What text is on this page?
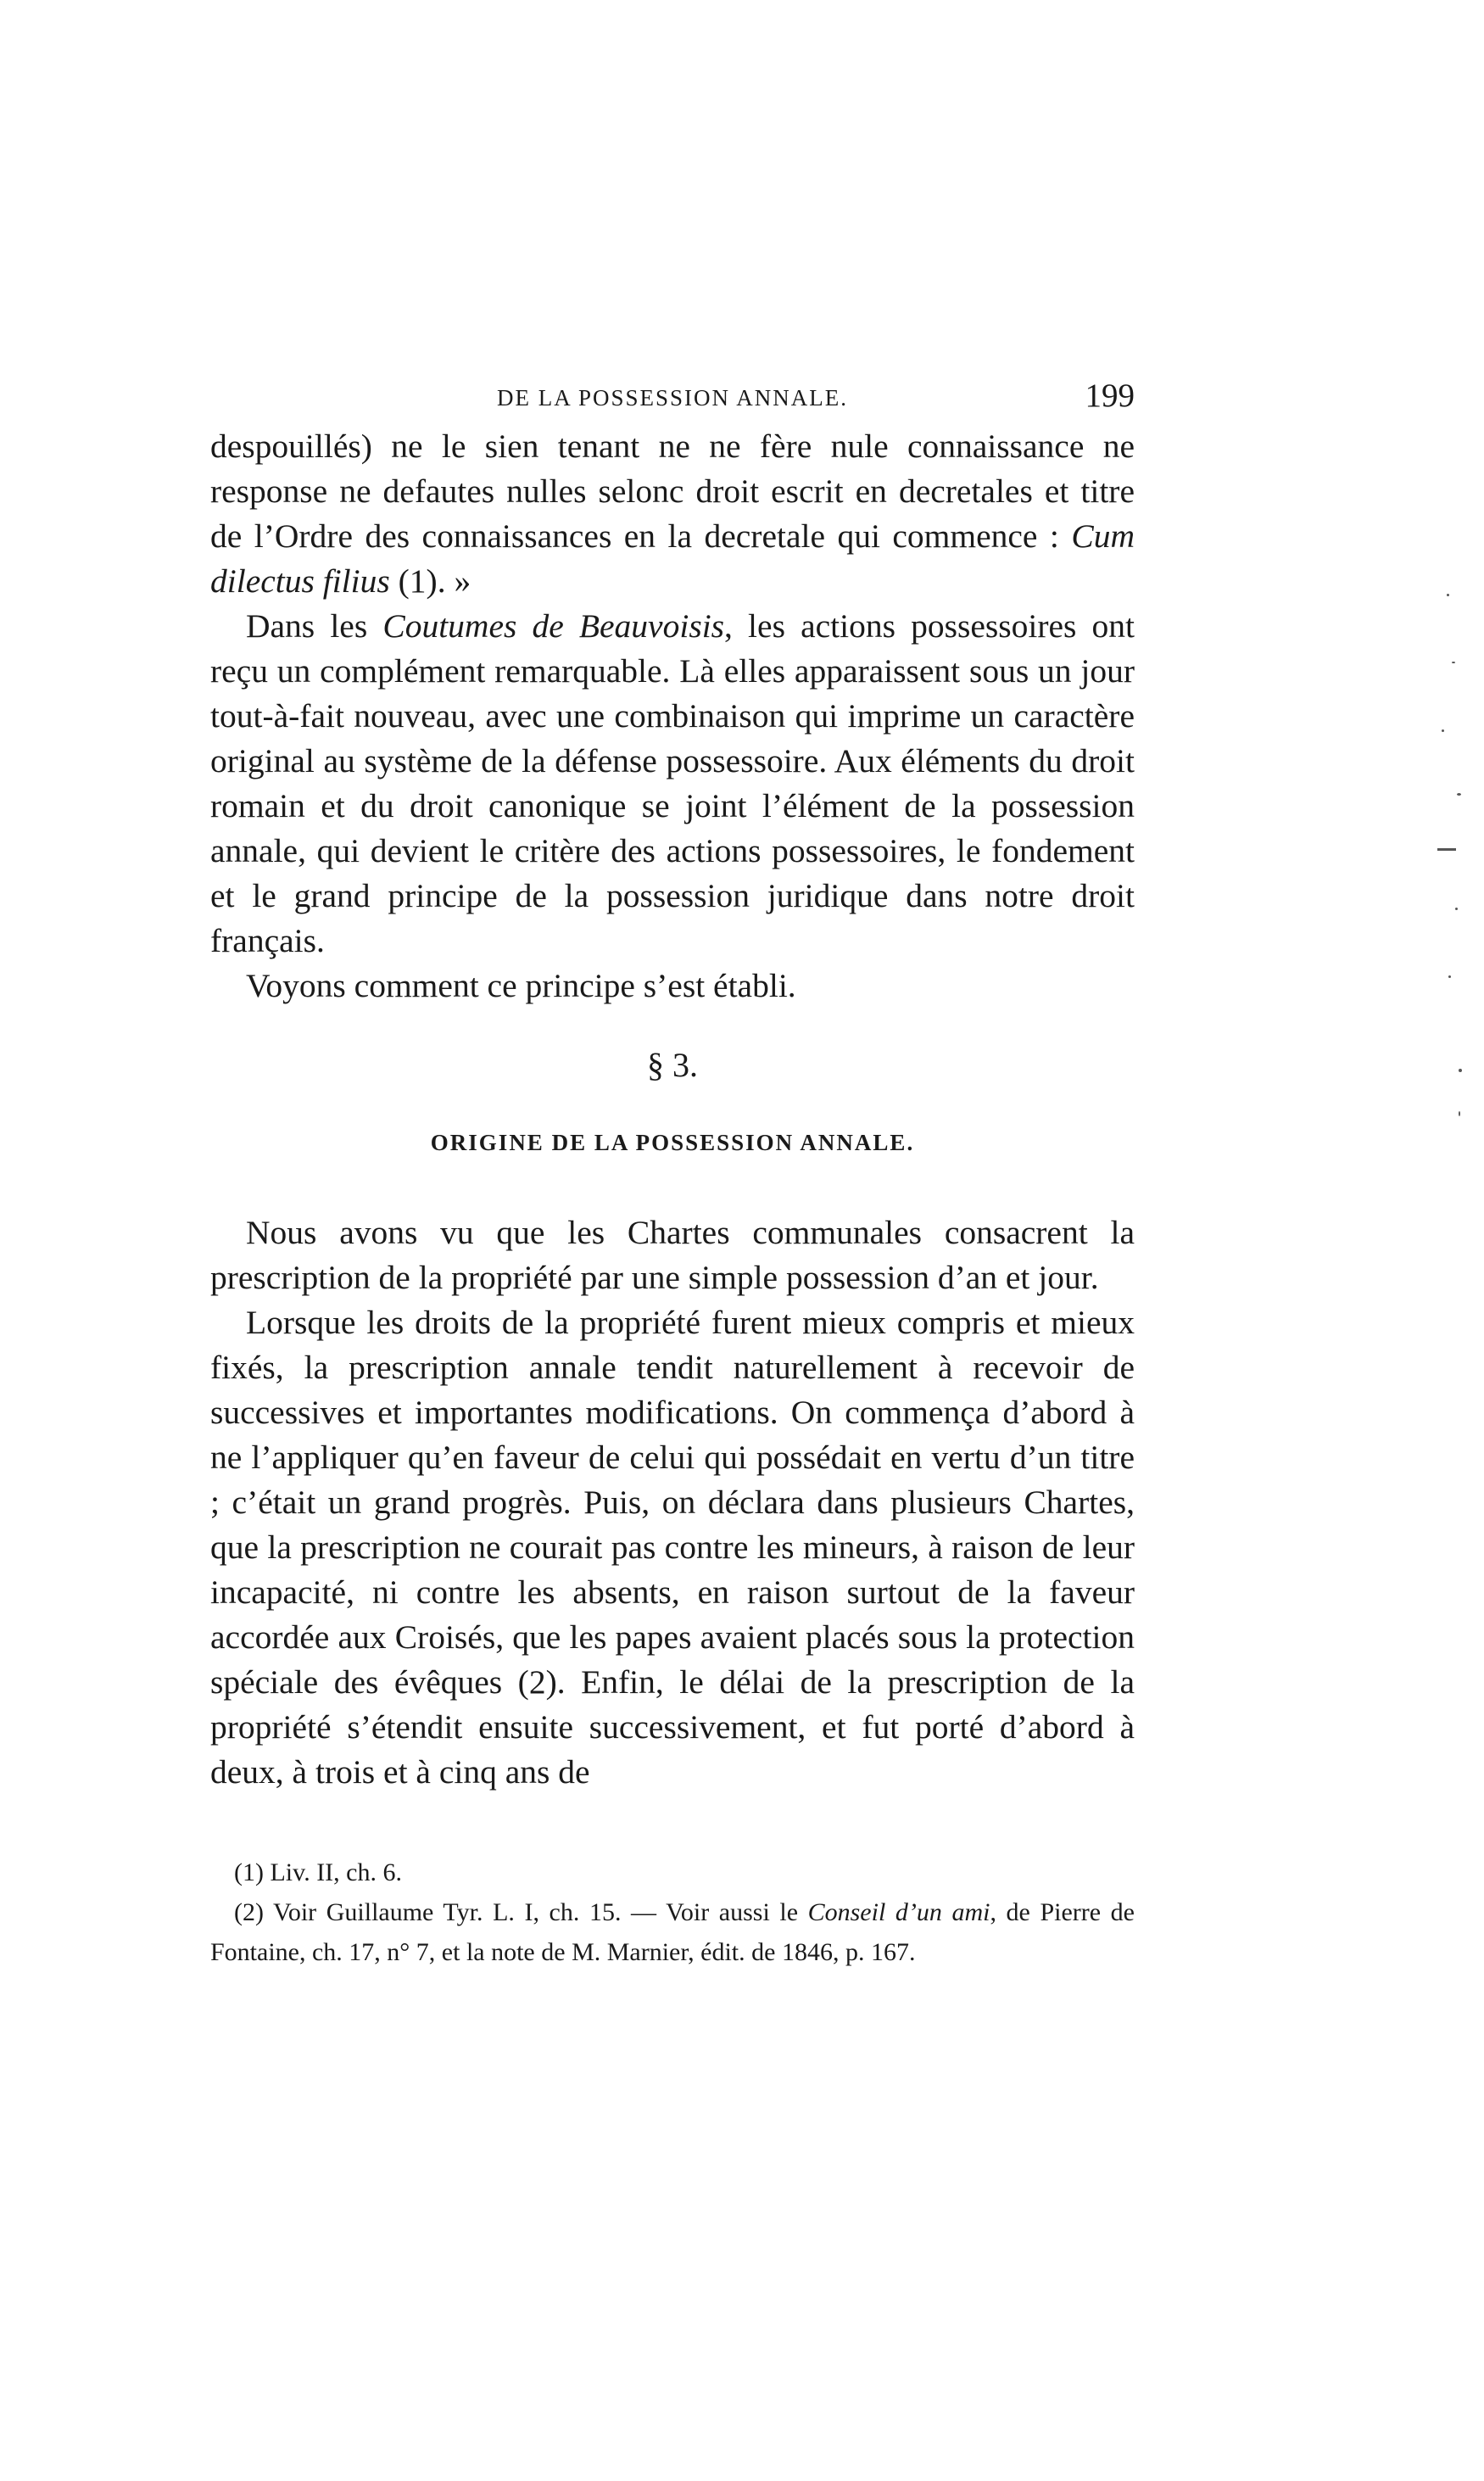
DE LA POSSESSION ANNALE.	199

despouillés) ne le sien tenant ne ne fère nule connaissance ne response ne defautes nulles selonc droit escrit en decretales et titre de l’Ordre des connaissances en la decretale qui commence : Cum dilectus filius (1). »

Dans les Coutumes de Beauvoisis, les actions possessoires ont reçu un complément remarquable. Là elles apparaissent sous un jour tout-à-fait nouveau, avec une combinaison qui imprime un caractère original au système de la défense possessoire. Aux éléments du droit romain et du droit canonique se joint l’élément de la possession annale, qui devient le critère des actions possessoires, le fondement et le grand principe de la possession juridique dans notre droit français.

Voyons comment ce principe s’est établi.

§ 3.
ORIGINE DE LA POSSESSION ANNALE.

Nous avons vu que les Chartes communales consacrent la prescription de la propriété par une simple possession d’an et jour.

Lorsque les droits de la propriété furent mieux compris et mieux fixés, la prescription annale tendit naturellement à recevoir de successives et importantes modifications. On commença d’abord à ne l’appliquer qu’en faveur de celui qui possédait en vertu d’un titre ; c’était un grand progrès. Puis, on déclara dans plusieurs Chartes, que la prescription ne courait pas contre les mineurs, à raison de leur incapacité, ni contre les absents, en raison surtout de la faveur accordée aux Croisés, que les papes avaient placés sous la protection spéciale des évêques (2). Enfin, le délai de la prescription de la propriété s’étendit ensuite successivement, et fut porté d’abord à deux, à trois et à cinq ans de

(1) Liv. II, ch. 6.

(2) Voir Guillaume Tyr. L. I, ch. 15. — Voir aussi le Conseil d’un ami, de Pierre de Fontaine, ch. 17, n° 7, et la note de M. Marnier, édit. de 1846, p. 167.
